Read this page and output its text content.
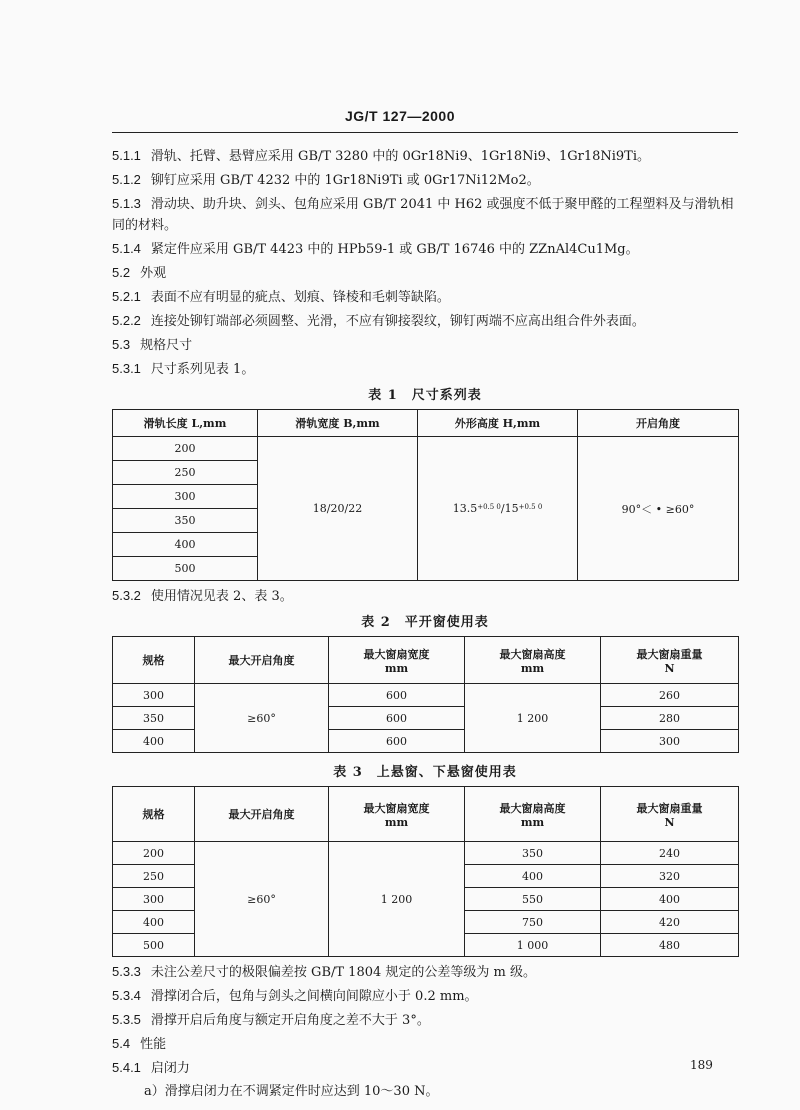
JG/T 127—2000
5.1.1 滑轨、托臂、悬臂应采用 GB/T 3280 中的 0Gr18Ni9、1Gr18Ni9、1Gr18Ni9Ti。
5.1.2 铆钉应采用 GB/T 4232 中的 1Gr18Ni9Ti 或 0Gr17Ni12Mo2。
5.1.3 滑动块、助升块、剑头、包角应采用 GB/T 2041 中 H62 或强度不低于聚甲醛的工程塑料及与滑轨相同的材料。
5.1.4 紧定件应采用 GB/T 4423 中的 HPb59-1 或 GB/T 16746 中的 ZZnAl4Cu1Mg。
5.2 外观
5.2.1 表面不应有明显的疵点、划痕、锋棱和毛刺等缺陷。
5.2.2 连接处铆钉端部必须圆整、光滑，不应有铆接裂纹，铆钉两端不应高出组合件外表面。
5.3 规格尺寸
5.3.1 尺寸系列见表 1。
表 1　尺寸系列表
滑轨长度 L,mm	滑轨宽度 B,mm	外形高度 H,mm	开启角度
200	18/20/22	13.5+0.5 0/15+0.5 0	90°＜ • ≥60°
250			
300			
350			
400			
500			
5.3.2 使用情况见表 2、表 3。
表 2　平开窗使用表
规格	最大开启角度	最大窗扇宽度
mm	最大窗扇高度
mm	最大窗扇重量
N
300	≥60°	600	1 200	260
350		600		280
400		600		300
表 3　上悬窗、下悬窗使用表
规格	最大开启角度	最大窗扇宽度
mm	最大窗扇高度
mm	最大窗扇重量
N
200	≥60°	1 200	350	240
250			400	320
300			550	400
400			750	420
500			1 000	480
5.3.3 未注公差尺寸的极限偏差按 GB/T 1804 规定的公差等级为 m 级。
5.3.4 滑撑闭合后，包角与剑头之间横向间隙应小于 0.2 mm。
5.3.5 滑撑开启后角度与额定开启角度之差不大于 3°。
5.4 性能
5.4.1 启闭力
a）滑撑启闭力在不调紧定件时应达到 10～30 N。
189
